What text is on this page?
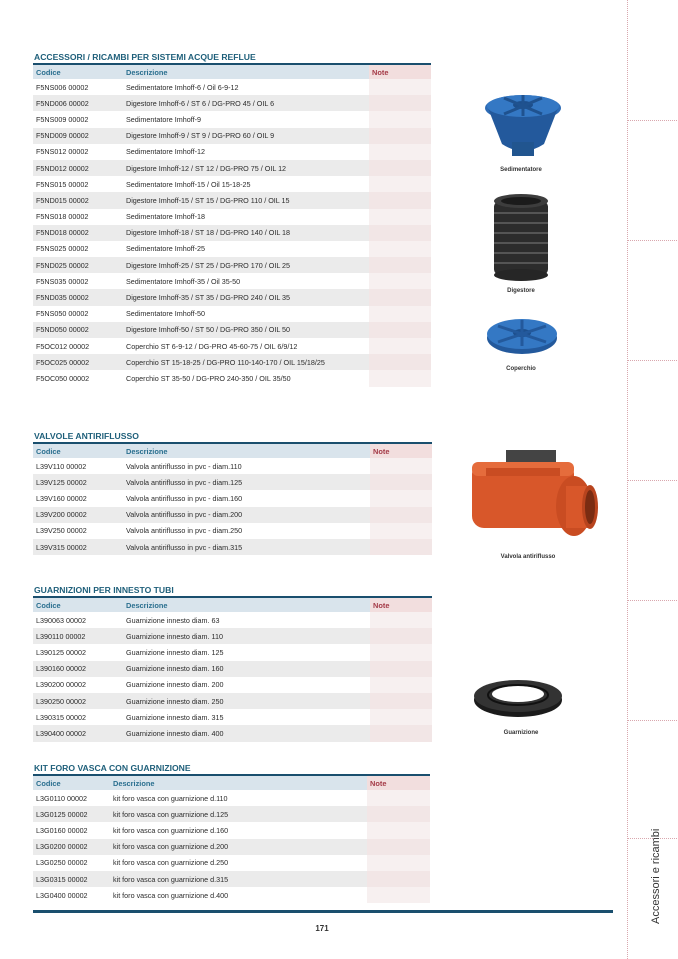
Accessori e ricambi
ACCESSORI / RICAMBI PER SISTEMI ACQUE REFLUE
Codice	Descrizione	Note
F5NS006 00002	Sedimentatore Imhoff-6 / Oil 6-9-12	
F5ND006 00002	Digestore Imhoff-6 / ST 6 / DG-PRO 45 / OIL 6	
F5NS009 00002	Sedimentatore Imhoff-9	
F5ND009 00002	Digestore Imhoff-9 / ST 9 / DG-PRO 60 / OIL 9	
F5NS012 00002	Sedimentatore Imhoff-12	
F5ND012 00002	Digestore Imhoff-12 / ST 12 / DG-PRO 75 / OIL 12	
F5NS015 00002	Sedimentatore Imhoff-15 / Oil 15-18-25	
F5ND015 00002	Digestore Imhoff-15 / ST 15 / DG-PRO 110 / OIL 15	
F5NS018 00002	Sedimentatore Imhoff-18	
F5ND018 00002	Digestore Imhoff-18 / ST 18 / DG-PRO 140 / OIL 18	
F5NS025 00002	Sedimentatore Imhoff-25	
F5ND025 00002	Digestore Imhoff-25 / ST 25 / DG-PRO 170 / OIL 25	
F5NS035 00002	Sedimentatore Imhoff-35 / Oil 35-50	
F5ND035 00002	Digestore Imhoff-35 / ST 35 / DG-PRO 240 / OIL 35	
F5NS050 00002	Sedimentatore Imhoff-50	
F5ND050 00002	Digestore Imhoff-50 / ST 50 / DG-PRO 350 / OIL 50	
F5OC012 00002	Coperchio ST 6-9-12 / DG-PRO 45-60-75 / OIL 6/9/12	
F5OC025 00002	Coperchio ST 15-18-25 / DG-PRO 110-140-170 / OIL 15/18/25	
F5OC050 00002	Coperchio ST 35-50 / DG-PRO 240-350 / OIL 35/50	
VALVOLE ANTIRIFLUSSO
Codice	Descrizione	Note
L39V110 00002	Valvola antiriflusso in pvc - diam.110	
L39V125 00002	Valvola antiriflusso in pvc - diam.125	
L39V160 00002	Valvola antiriflusso in pvc - diam.160	
L39V200 00002	Valvola antiriflusso in pvc - diam.200	
L39V250 00002	Valvola antiriflusso in pvc - diam.250	
L39V315 00002	Valvola antiriflusso in pvc - diam.315	
GUARNIZIONI PER INNESTO TUBI
Codice	Descrizione	Note
L390063 00002	Guarnizione innesto diam. 63	
L390110 00002	Guarnizione innesto diam. 110	
L390125 00002	Guarnizione innesto diam. 125	
L390160 00002	Guarnizione innesto diam. 160	
L390200 00002	Guarnizione innesto diam. 200	
L390250 00002	Guarnizione innesto diam. 250	
L390315 00002	Guarnizione innesto diam. 315	
L390400 00002	Guarnizione innesto diam. 400	
KIT FORO VASCA CON GUARNIZIONE
Codice	Descrizione	Note
L3G0110 00002	kit foro vasca con guarnizione d.110	
L3G0125 00002	kit foro vasca con guarnizione d.125	
L3G0160 00002	kit foro vasca con guarnizione d.160	
L3G0200 00002	kit foro vasca con guarnizione d.200	
L3G0250 00002	kit foro vasca con guarnizione d.250	
L3G0315 00002	kit foro vasca con guarnizione d.315	
L3G0400 00002	kit foro vasca con guarnizione d.400	
Sedimentatore
Digestore
Coperchio
Valvola antiriflusso
Guarnizione
171
